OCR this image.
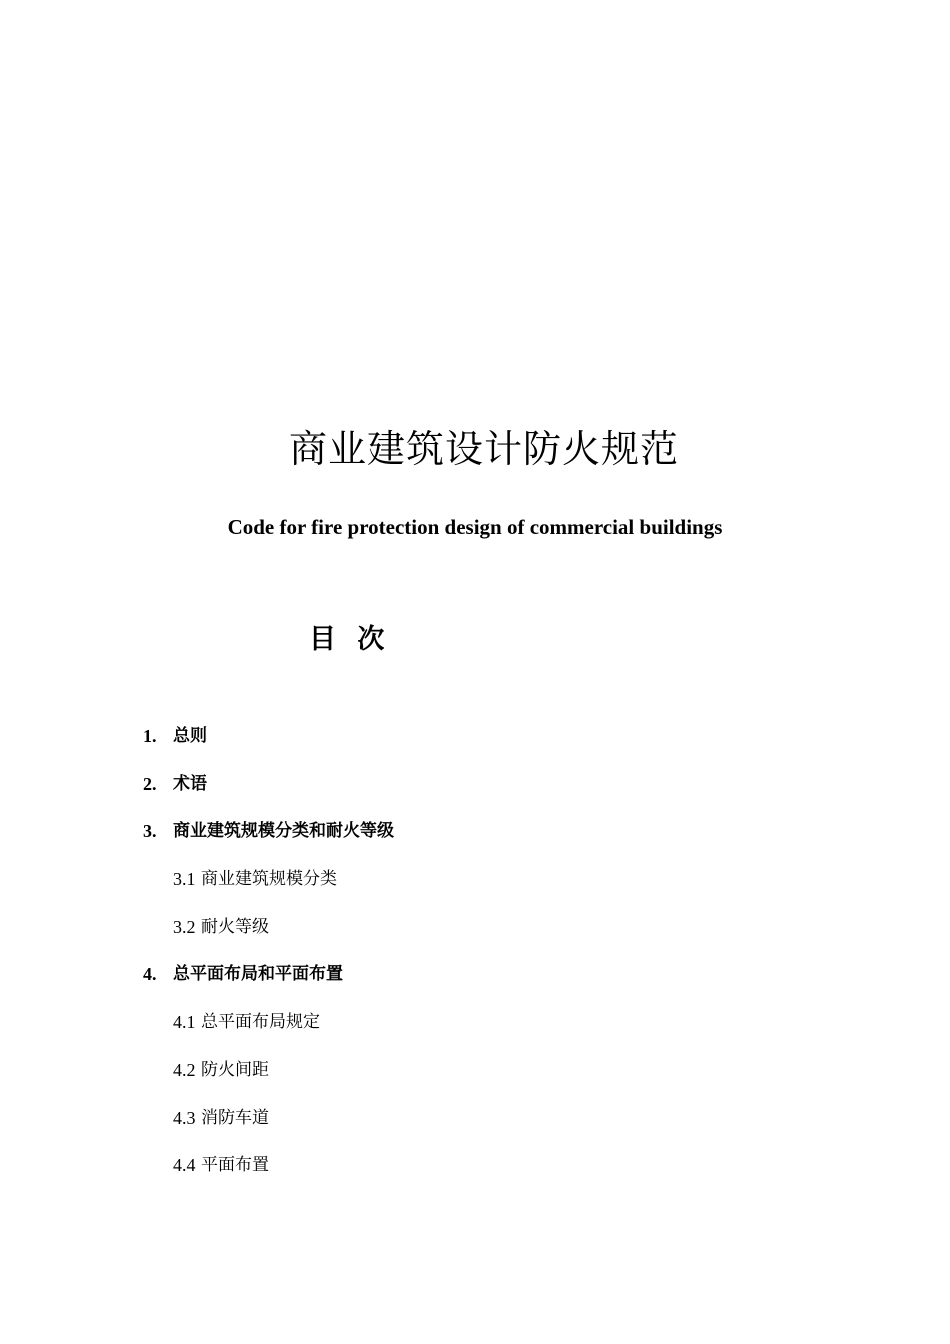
商业建筑设计防火规范
Code for fire protection design of commercial buildings
目 次
1. 总则
2. 术语
3. 商业建筑规模分类和耐火等级
3.1 商业建筑规模分类
3.2 耐火等级
4. 总平面布局和平面布置
4.1 总平面布局规定
4.2 防火间距
4.3 消防车道
4.4 平面布置
